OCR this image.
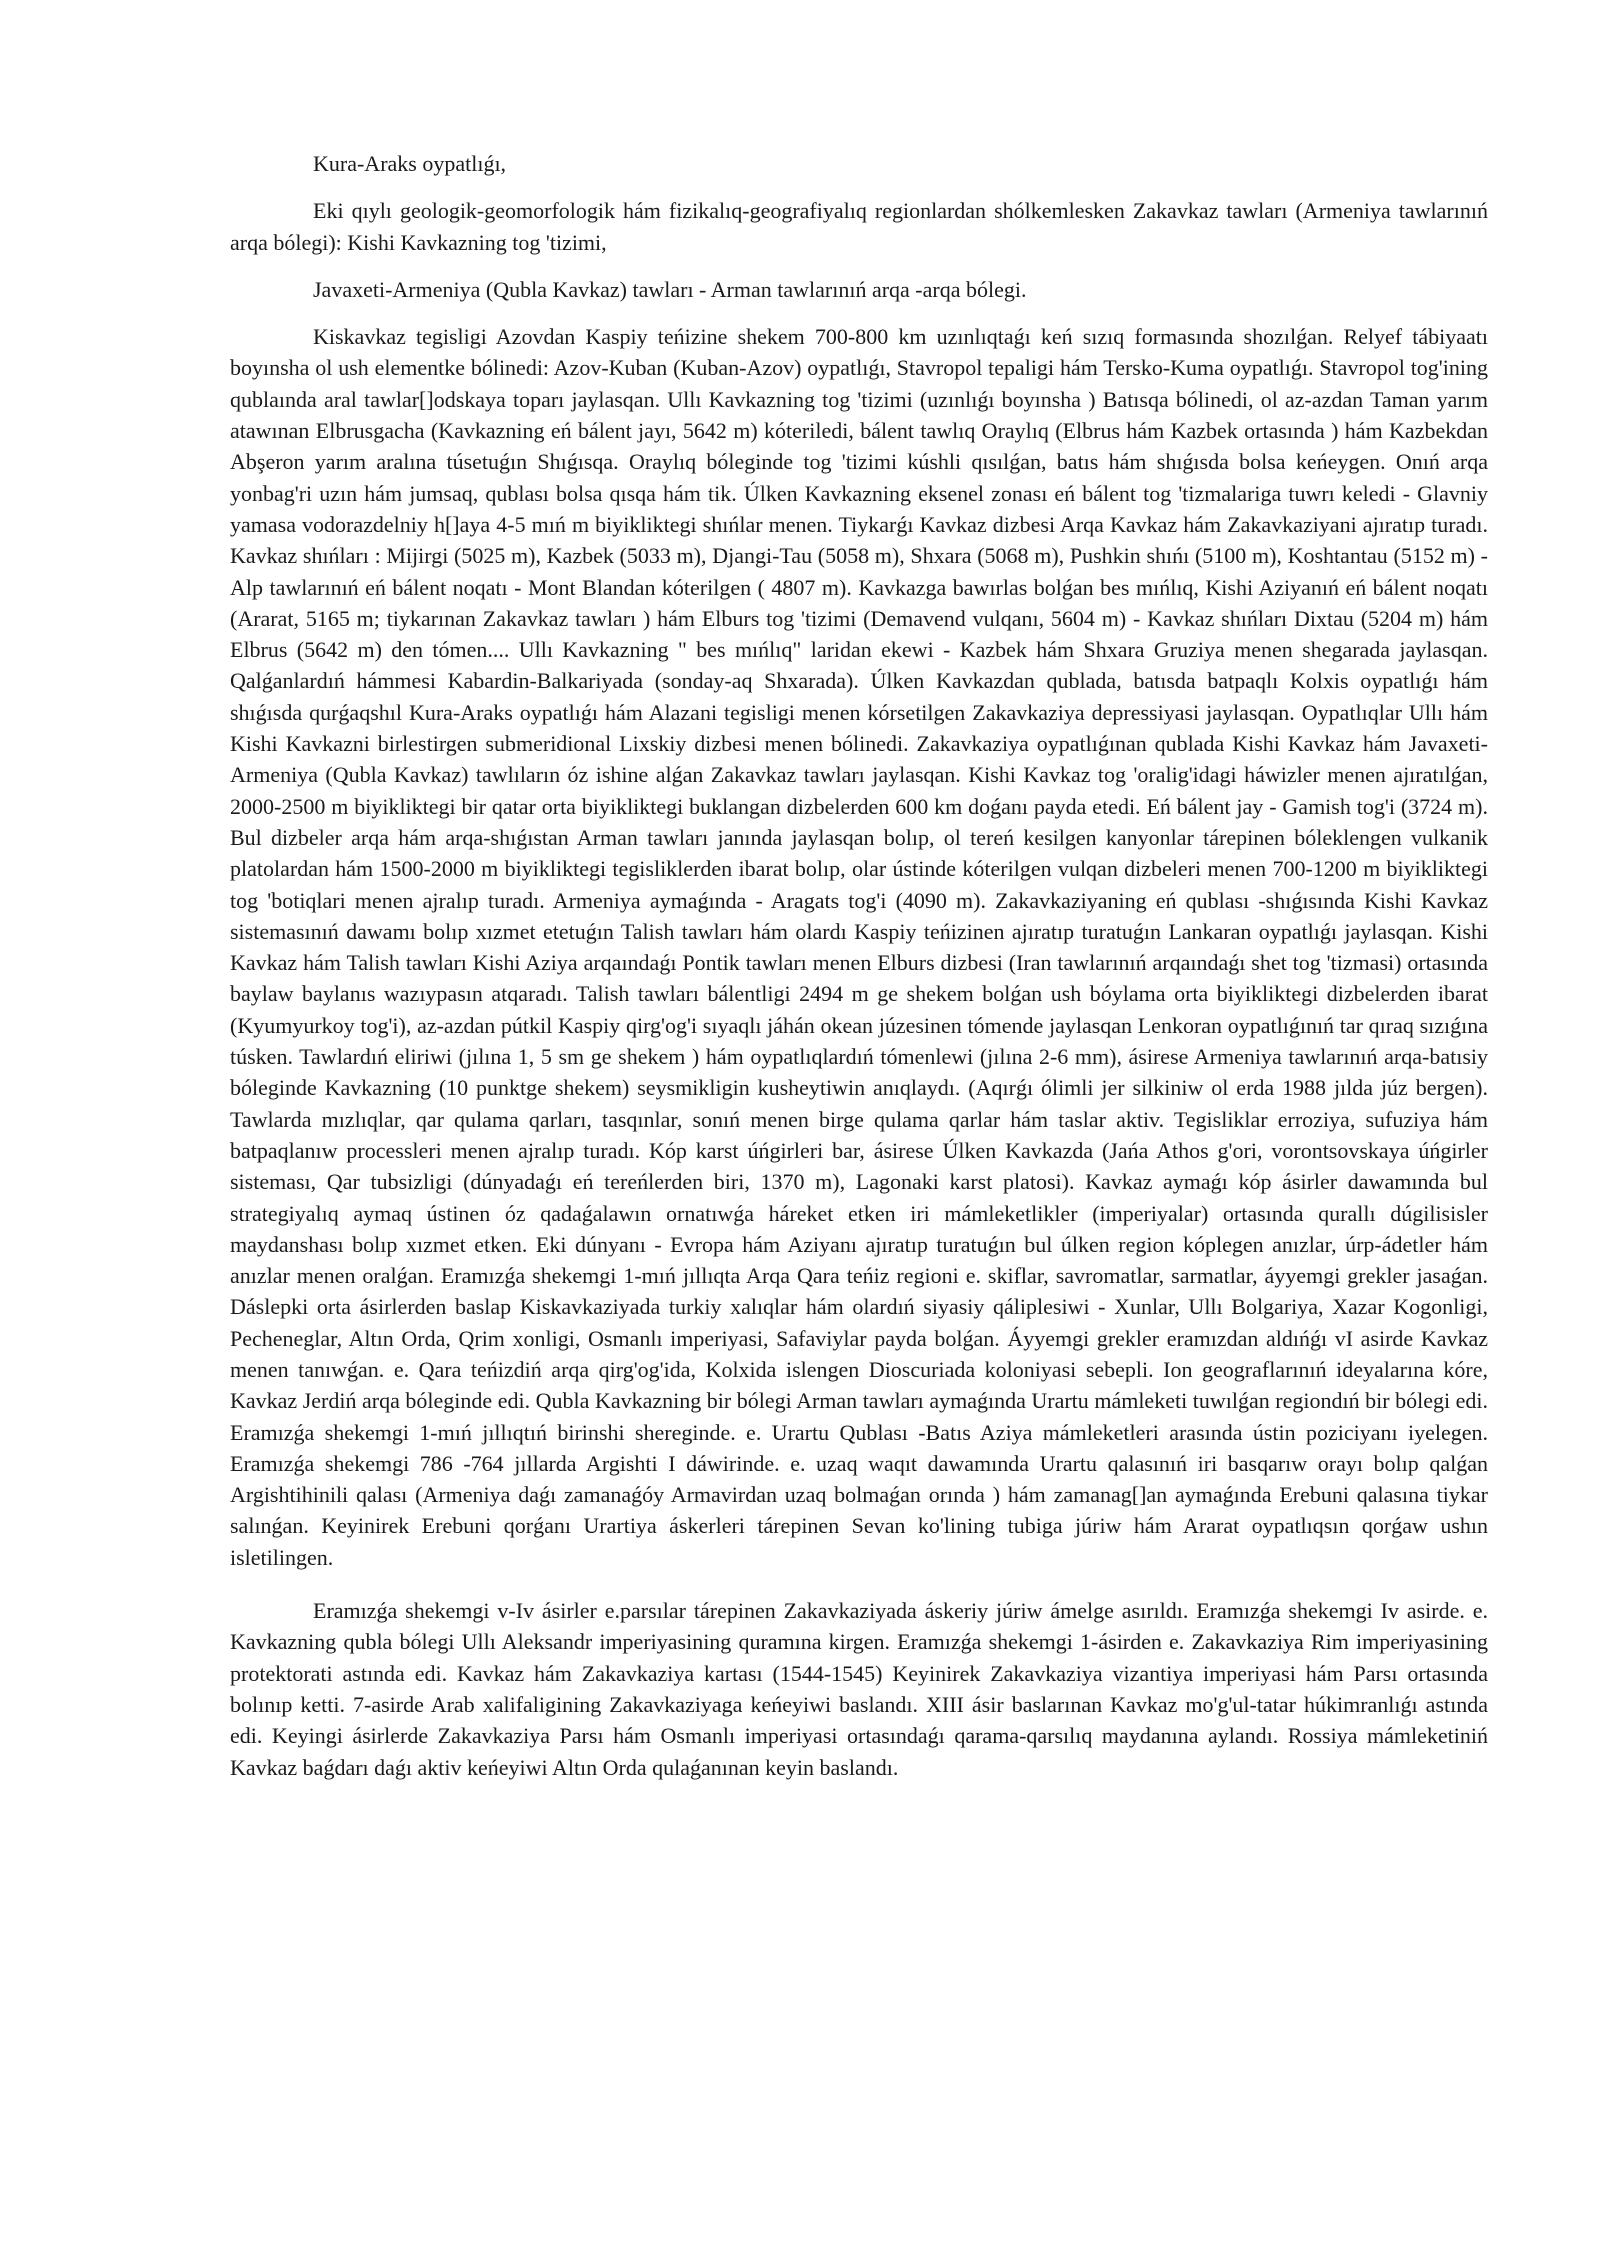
Kura-Araks oypatlıǵı,

Eki qıylı geologik-geomorfologik hám fizikalıq-geografiyalıq regionlardan shólkemlesken Zakavkaz tawları (Armeniya tawlarınıń arqa bólegi): Kishi Kavkazning tog 'tizimi,

Javaxeti-Armeniya (Qubla Kavkaz) tawları - Arman tawlarınıń arqa -arqa bólegi.

Kiskavkaz tegisligi Azovdan Kaspiy teńizine shekem 700-800 km uzınlıqtaǵı keń sızıq formasında shozılǵan. Relyef tábiyaatı boyınsha ol ush elementke bólinedi: Azov-Kuban (Kuban-Azov) oypatlıǵı, Stavropol tepaligi hám Tersko-Kuma oypatlıǵı. Stavropol tog'ining qublaında aral tawlar[]odskaya toparı jaylasqan. Ullı Kavkazning tog 'tizimi (uzınlıǵı boyınsha ) Batısqa bólinedi, ol az-azdan Taman yarım atawınan Elbrusgacha (Kavkazning eń bálent jayı, 5642 m) kóteriledi, bálent tawlıq Oraylıq (Elbrus hám Kazbek ortasında ) hám Kazbekdan Abşeron yarım aralına túsetuǵın Shıǵısqa. Oraylıq bóleginde tog 'tizimi kúshli qısılǵan, batıs hám shıǵısda bolsa keńeygen. Onıń arqa yonbag'ri uzın hám jumsaq, qublası bolsa qısqa hám tik. Úlken Kavkazning eksenel zonası eń bálent tog 'tizmalariga tuwrı keledi - Glavniy yamasa vodorazdelniy h[]aya 4-5 mıń m biyikliktegi shıńlar menen. Tiykarǵı Kavkaz dizbesi Arqa Kavkaz hám Zakavkaziyani ajıratıp turadı. Kavkaz shıńları : Mijirgi (5025 m), Kazbek (5033 m), Djangi-Tau (5058 m), Shxara (5068 m), Pushkin shıńı (5100 m), Koshtantau (5152 m) - Alp tawlarınıń eń bálent noqatı - Mont Blandan kóterilgen ( 4807 m). Kavkazga bawırlas bolǵan bes mıńlıq, Kishi Aziyanıń eń bálent noqatı (Ararat, 5165 m; tiykarınan Zakavkaz tawları ) hám Elburs tog 'tizimi (Demavend vulqanı, 5604 m) - Kavkaz shıńları Dixtau (5204 m) hám Elbrus (5642 m) den tómen.... Ullı Kavkazning " bes mıńlıq" laridan ekewi - Kazbek hám Shxara Gruziya menen shegarada jaylasqan. Qalǵanlardıń hámmesi Kabardin-Balkariyada (sonday-aq Shxarada). Úlken Kavkazdan qublada, batısda batpaqlı Kolxis oypatlıǵı hám shıǵısda qurǵaqshıl Kura-Araks oypatlıǵı hám Alazani tegisligi menen kórsetilgen Zakavkaziya depressiyasi jaylasqan. Oypatlıqlar Ullı hám Kishi Kavkazni birlestirgen submeridional Lixskiy dizbesi menen bólinedi. Zakavkaziya oypatlıǵınan qublada Kishi Kavkaz hám Javaxeti-Armeniya (Qubla Kavkaz) tawlıların óz ishine alǵan Zakavkaz tawları jaylasqan. Kishi Kavkaz tog 'oralig'idagi háwizler menen ajıratılǵan, 2000-2500 m biyikliktegi bir qatar orta biyikliktegi buklangan dizbelerden 600 km doǵanı payda etedi. Eń bálent jay - Gamish tog'i (3724 m). Bul dizbeler arqa hám arqa-shıǵıstan Arman tawları janında jaylasqan bolıp, ol tereń kesilgen kanyonlar tárepinen bóleklengen vulkanik platolardan hám 1500-2000 m biyikliktegi tegisliklerden ibarat bolıp, olar ústinde kóterilgen vulqan dizbeleri menen 700-1200 m biyikliktegi tog 'botiqlari menen ajralıp turadı. Armeniya aymaǵında - Aragats tog'i (4090 m). Zakavkaziyaning eń qublası -shıǵısında Kishi Kavkaz sistemasınıń dawamı bolıp xızmet etetuǵın Talish tawları hám olardı Kaspiy teńizinen ajıratıp turatuǵın Lankaran oypatlıǵı jaylasqan. Kishi Kavkaz hám Talish tawları Kishi Aziya arqaındaǵı Pontik tawları menen Elburs dizbesi (Iran tawlarınıń arqaındaǵı shet tog 'tizmasi) ortasında baylaw baylanıs wazıypasın atqaradı. Talish tawları bálentligi 2494 m ge shekem bolǵan ush bóylama orta biyikliktegi dizbelerden ibarat (Kyumyurkoy tog'i), az-azdan pútkil Kaspiy qirg'og'i sıyaqlı jáhán okean júzesinen tómende jaylasqan Lenkoran oypatlıǵınıń tar qıraq sızıǵına túsken. Tawlardıń eliriwi (jılına 1, 5 sm ge shekem ) hám oypatlıqlardıń tómenlewi (jılına 2-6 mm), ásirese Armeniya tawlarınıń arqa-batısiy bóleginde Kavkazning (10 punktge shekem) seysmikligin kusheytiwin anıqlaydı. (Aqırǵı ólimli jer silkiniw ol erda 1988 jılda júz bergen). Tawlarda mızlıqlar, qar qulama qarları, tasqınlar, sonıń menen birge qulama qarlar hám taslar aktiv. Tegisliklar erroziya, sufuziya hám batpaqlanıw processleri menen ajralıp turadı. Kóp karst úńgirleri bar, ásirese Úlken Kavkazda (Jańa Athos g'ori, vorontsovskaya úńgirler sisteması, Qar tubsizligi (dúnyadaǵı eń tereńlerden biri, 1370 m), Lagonaki karst platosi). Kavkaz aymaǵı kóp ásirler dawamında bul strategiyalıq aymaq ústinen óz qadaǵalawın ornatıwǵa háreket etken iri mámleketlikler (imperiyalar) ortasında qurallı dúgilisisler maydanshası bolıp xızmet etken. Eki dúnyanı - Evropa hám Aziyanı ajıratıp turatuǵın bul úlken region kóplegen anızlar, úrp-ádetler hám anızlar menen oralǵan. Eramızǵa shekemgi 1-mıń jıllıqta Arqa Qara teńiz regioni e. skiflar, savromatlar, sarmatlar, áyyemgi grekler jasaǵan. Dáslepki orta ásirlerden baslap Kiskavkaziyada turkiy xalıqlar hám olardıń siyasiy qáliplesiwi - Xunlar, Ullı Bolgariya, Xazar Kogonligi, Pecheneglar, Altın Orda, Qrim xonligi, Osmanlı imperiyasi, Safaviylar payda bolǵan. Áyyemgi grekler eramızdan aldıńǵı vI asirde Kavkaz menen tanıwǵan. e. Qara teńizdiń arqa qirg'og'ida, Kolxida islengen Dioscuriada koloniyasi sebepli. Ion geograflarınıń ideyalarına kóre, Kavkaz Jerdiń arqa bóleginde edi. Qubla Kavkazning bir bólegi Arman tawları aymaǵında Urartu mámleketi tuwılǵan regiondıń bir bólegi edi. Eramızǵa shekemgi 1-mıń jıllıqtıń birinshi shereginde. e. Urartu Qublası -Batıs Aziya mámleketleri arasında ústin poziciyanı iyelegen. Eramızǵa shekemgi 786 -764 jıllarda Argishti I dáwirinde. e. uzaq waqıt dawamında Urartu qalasınıń iri basqarıw orayı bolıp qalǵan Argishtihinili qalası (Armeniya daǵı zamanaǵóy Armavirdan uzaq bolmaǵan orında ) hám zamanag[]an aymaǵında Erebuni qalasına tiykar salınǵan. Keyinirek Erebuni qorǵanı Urartiya áskerleri tárepinen Sevan ko'lining tubiga júriw hám Ararat oypatlıqsın qorǵaw ushın isletilingen.

Eramızǵa shekemgi v-Iv ásirler e.parsılar tárepinen Zakavkaziyada áskeriy júriw ámelge asırıldı. Eramızǵa shekemgi Iv asirde. e. Kavkazning qubla bólegi Ullı Aleksandr imperiyasining quramına kirgen. Eramızǵa shekemgi 1-ásirden e. Zakavkaziya Rim imperiyasining protektorati astında edi. Kavkaz hám Zakavkaziya kartası (1544-1545) Keyinirek Zakavkaziya vizantiya imperiyasi hám Parsı ortasında bolınıp ketti. 7-asirde Arab xalifaligining Zakavkaziyaga keńeyiwi baslandı. XIII ásir baslarınan Kavkaz mo'g'ul-tatar húkimranlıǵı astında edi. Keyingi ásirlerde Zakavkaziya Parsı hám Osmanlı imperiyasi ortasındaǵı qarama-qarsılıq maydanına aylandı. Rossiya mámleketiniń Kavkaz baǵdarı daǵı aktiv keńeyiwi Altın Orda qulaǵanınan keyin baslandı.
